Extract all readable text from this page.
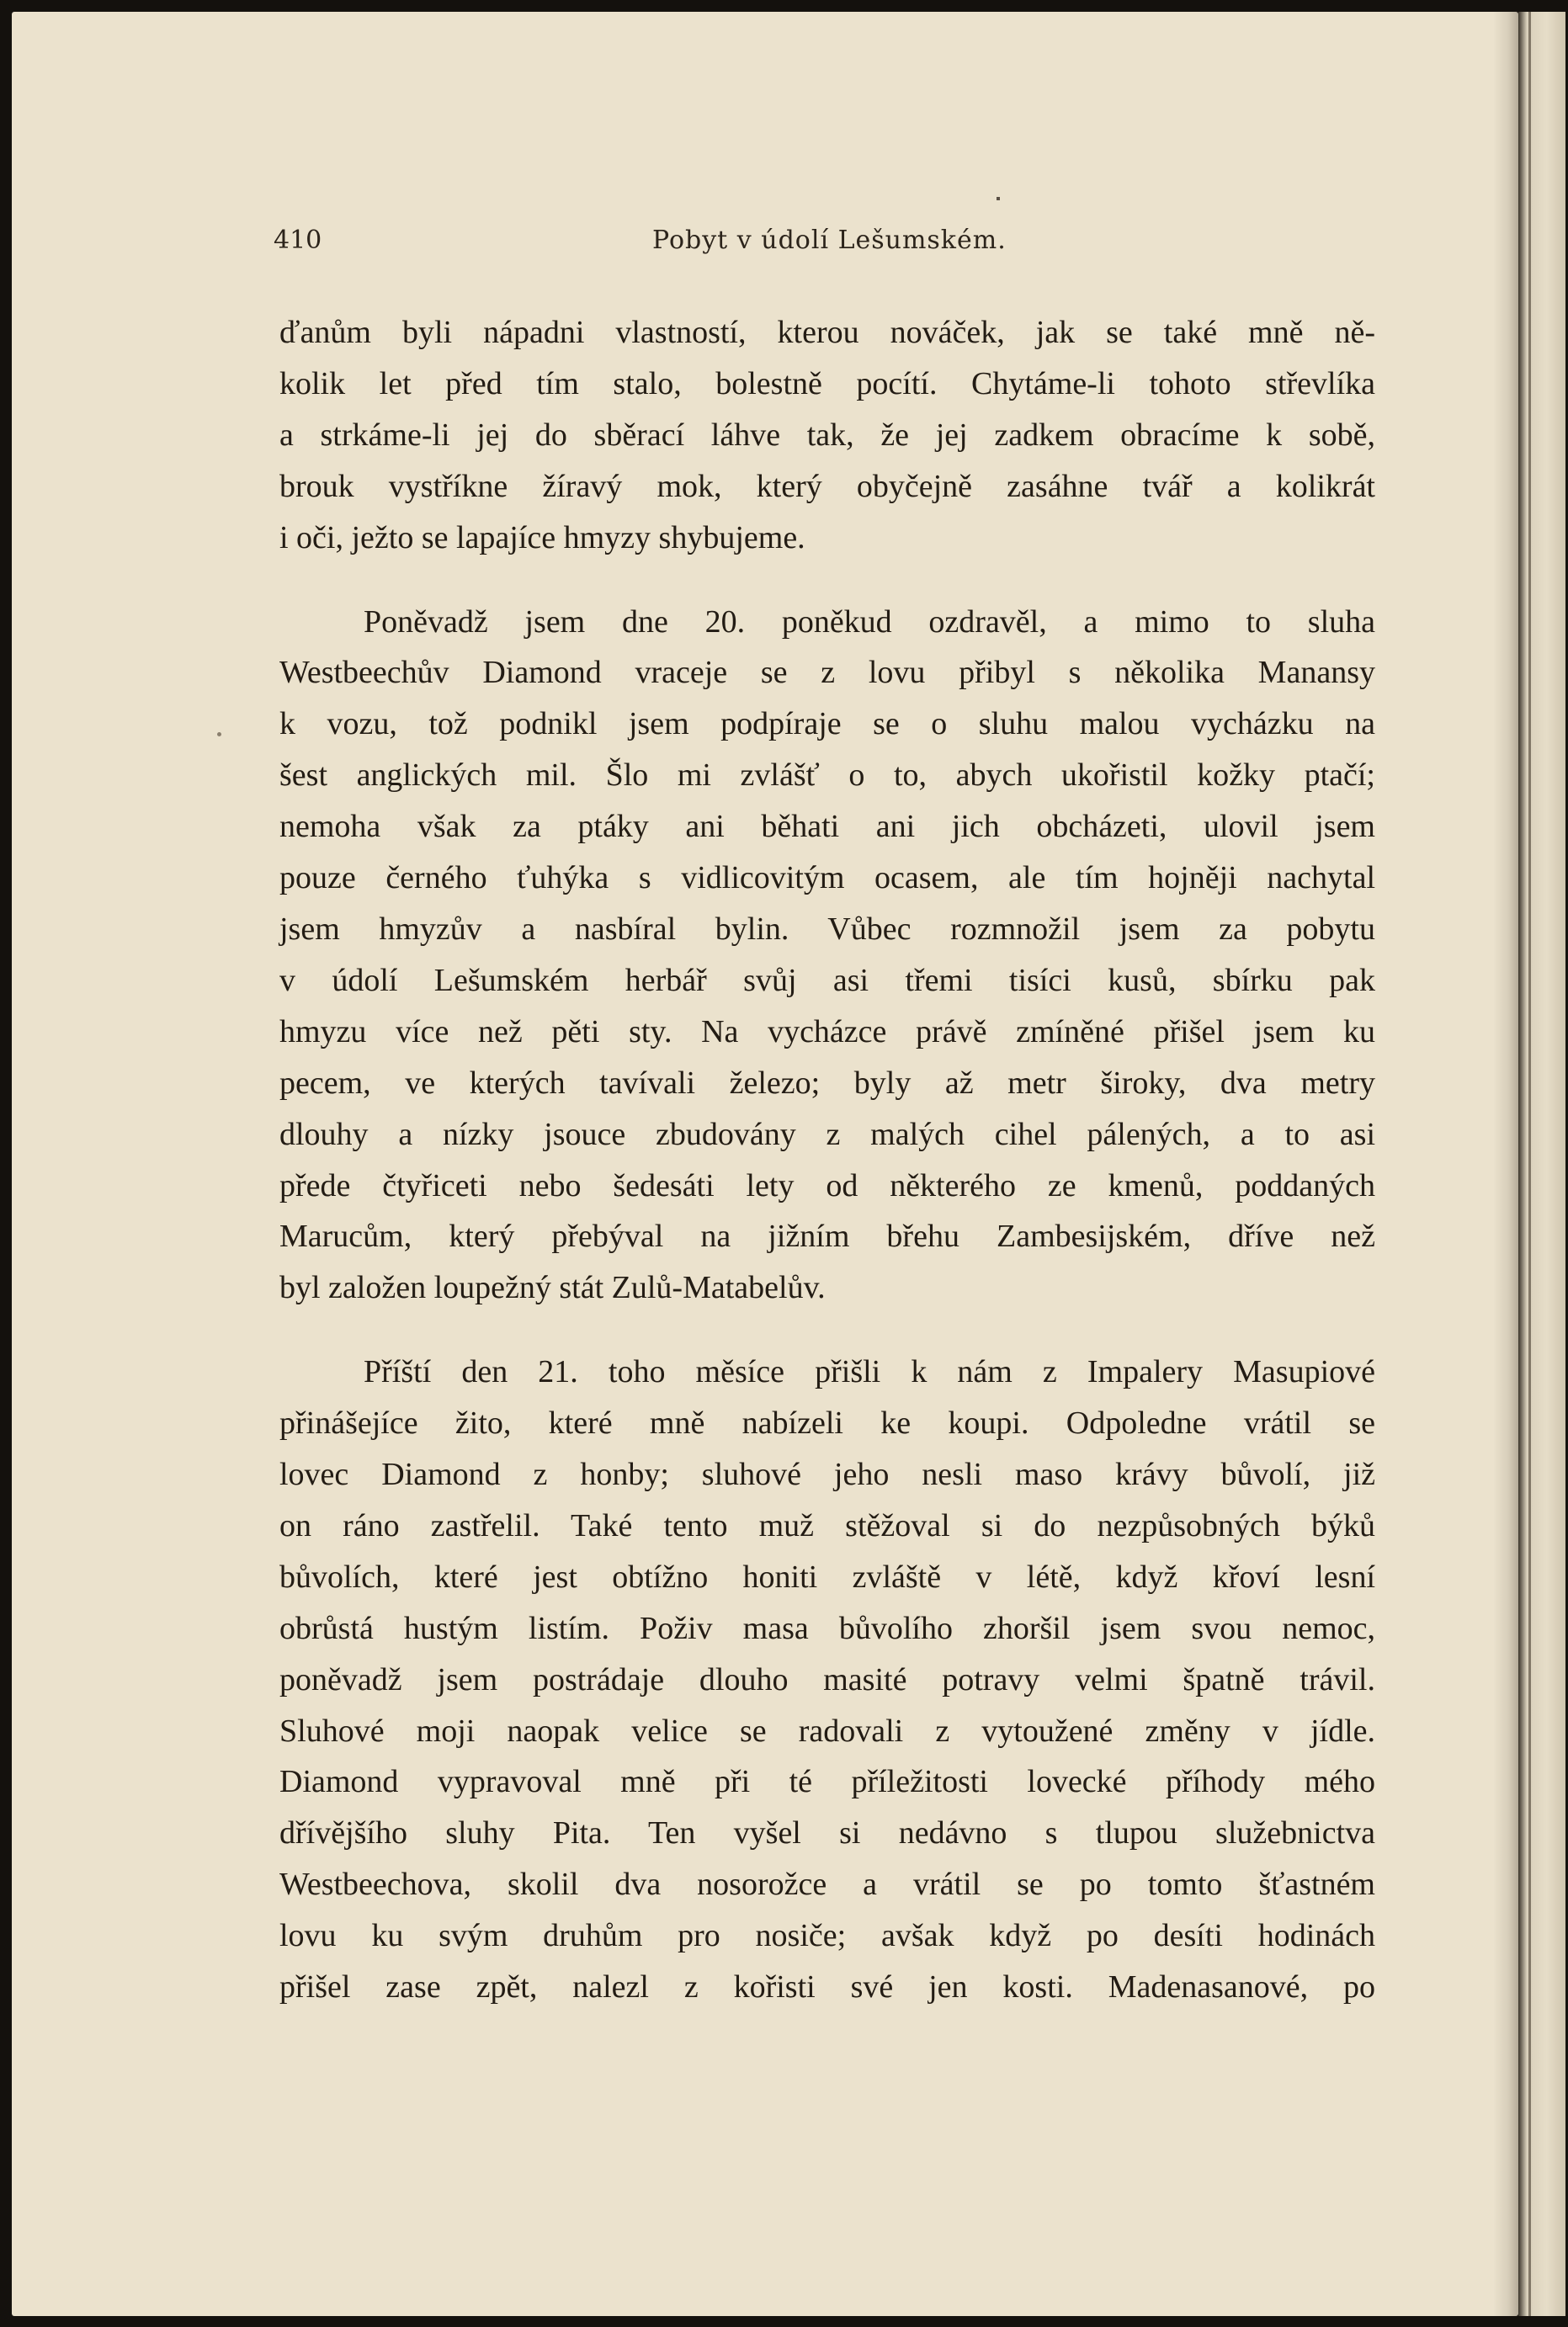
410	Pobyt v údolí Lešumském.

ďanům byli nápadni vlastností, kterou nováček, jak se také mně ně-
kolik let před tím stalo, bolestně pocítí. Chytáme-li tohoto střevlíka
a strkáme-li jej do sběrací láhve tak, že jej zadkem obracíme k sobě,
brouk vystříkne žíravý mok, který obyčejně zasáhne tvář a kolikrát
i oči, ježto se lapajíce hmyzy shybujeme.

Poněvadž jsem dne 20. poněkud ozdravěl, a mimo to sluha
Westbeechův Diamond vraceje se z lovu přibyl s několika Manansy
k vozu, tož podnikl jsem podpíraje se o sluhu malou vycházku na
šest anglických mil. Šlo mi zvlášť o to, abych ukořistil kožky ptačí;
nemoha však za ptáky ani běhati ani jich obcházeti, ulovil jsem
pouze černého ťuhýka s vidlicovitým ocasem, ale tím hojněji nachytal
jsem hmyzův a nasbíral bylin. Vůbec rozmnožil jsem za pobytu
v údolí Lešumském herbář svůj asi třemi tisíci kusů, sbírku pak
hmyzu více než pěti sty. Na vycházce právě zmíněné přišel jsem ku
pecem, ve kterých tavívali železo; byly až metr široky, dva metry
dlouhy a nízky jsouce zbudovány z malých cihel pálených, a to asi
přede čtyřiceti nebo šedesáti lety od některého ze kmenů, poddaných
Marucům, který přebýval na jižním břehu Zambesijském, dříve než
byl založen loupežný stát Zulů-Matabelův.

Příští den 21. toho měsíce přišli k nám z Impalery Masupiové
přinášejíce žito, které mně nabízeli ke koupi. Odpoledne vrátil se
lovec Diamond z honby; sluhové jeho nesli maso krávy bůvolí, již
on ráno zastřelil. Také tento muž stěžoval si do nezpůsobných býků
bůvolích, které jest obtížno honiti zvláště v létě, když křoví lesní
obrůstá hustým listím. Poživ masa bůvolího zhoršil jsem svou nemoc,
poněvadž jsem postrádaje dlouho masité potravy velmi špatně trávil.
Sluhové moji naopak velice se radovali z vytoužené změny v jídle.
Diamond vypravoval mně při té příležitosti lovecké příhody mého
dřívějšího sluhy Pita. Ten vyšel si nedávno s tlupou služebnictva
Westbeechova, skolil dva nosorožce a vrátil se po tomto šťastném
lovu ku svým druhům pro nosiče; avšak když po desíti hodinách
přišel zase zpět, nalezl z kořisti své jen kosti. Madenasanové, po
